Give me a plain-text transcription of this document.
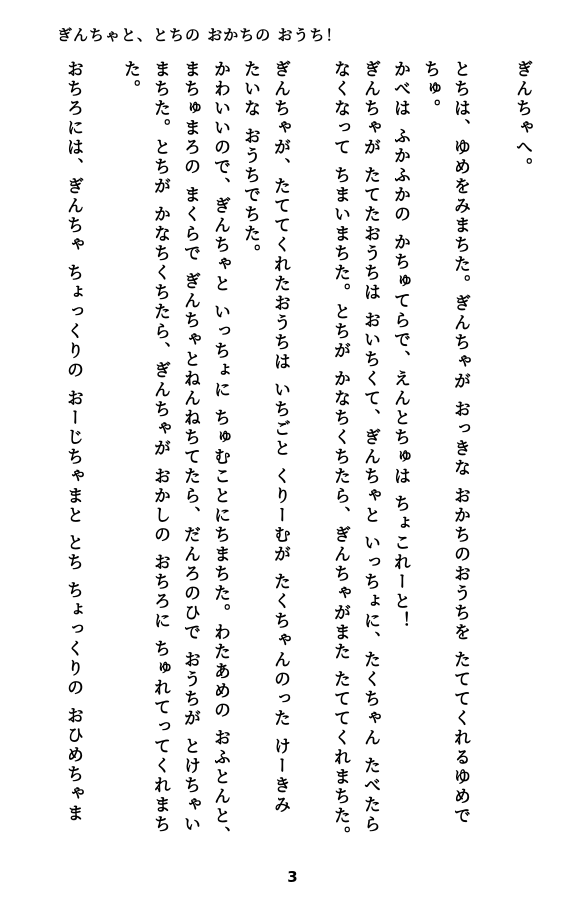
ぎんちゃと、とちの おかちの おうち！
ぎんちゃへ。
とちは、ゆめをみまちた。ぎんちゃが おっきな おかちのおうちを たててくれるゆめで
ちゅ。
かべは ふかふかの かちゅてらで、えんとちゅは ちょこれーと！
ぎんちゃが たてたおうちは おいちくて、ぎんちゃと いっちょに、たくちゃん たべたら
なくなって ちまいまちた。とちが かなちくちたら、ぎんちゃがまた たててくれまちた。
ぎんちゃが、たててくれたおうちは いちごと くりーむが たくちゃんのった けーきみ
たいな おうちでちた。
かわいいので、ぎんちゃと いっちょに ちゅむことにちまちた。わたあめの おふとんと、
まちゅまろの まくらで ぎんちゃとねんねちてたら、だんろのひで おうちが とけちゃい
まちた。とちが かなちくちたら、ぎんちゃが おかしの おちろに ちゅれてってくれまち
た。
おちろには、ぎんちゃ ちょっくりの おーじちゃまと とち ちょっくりの おひめちゃま
3
